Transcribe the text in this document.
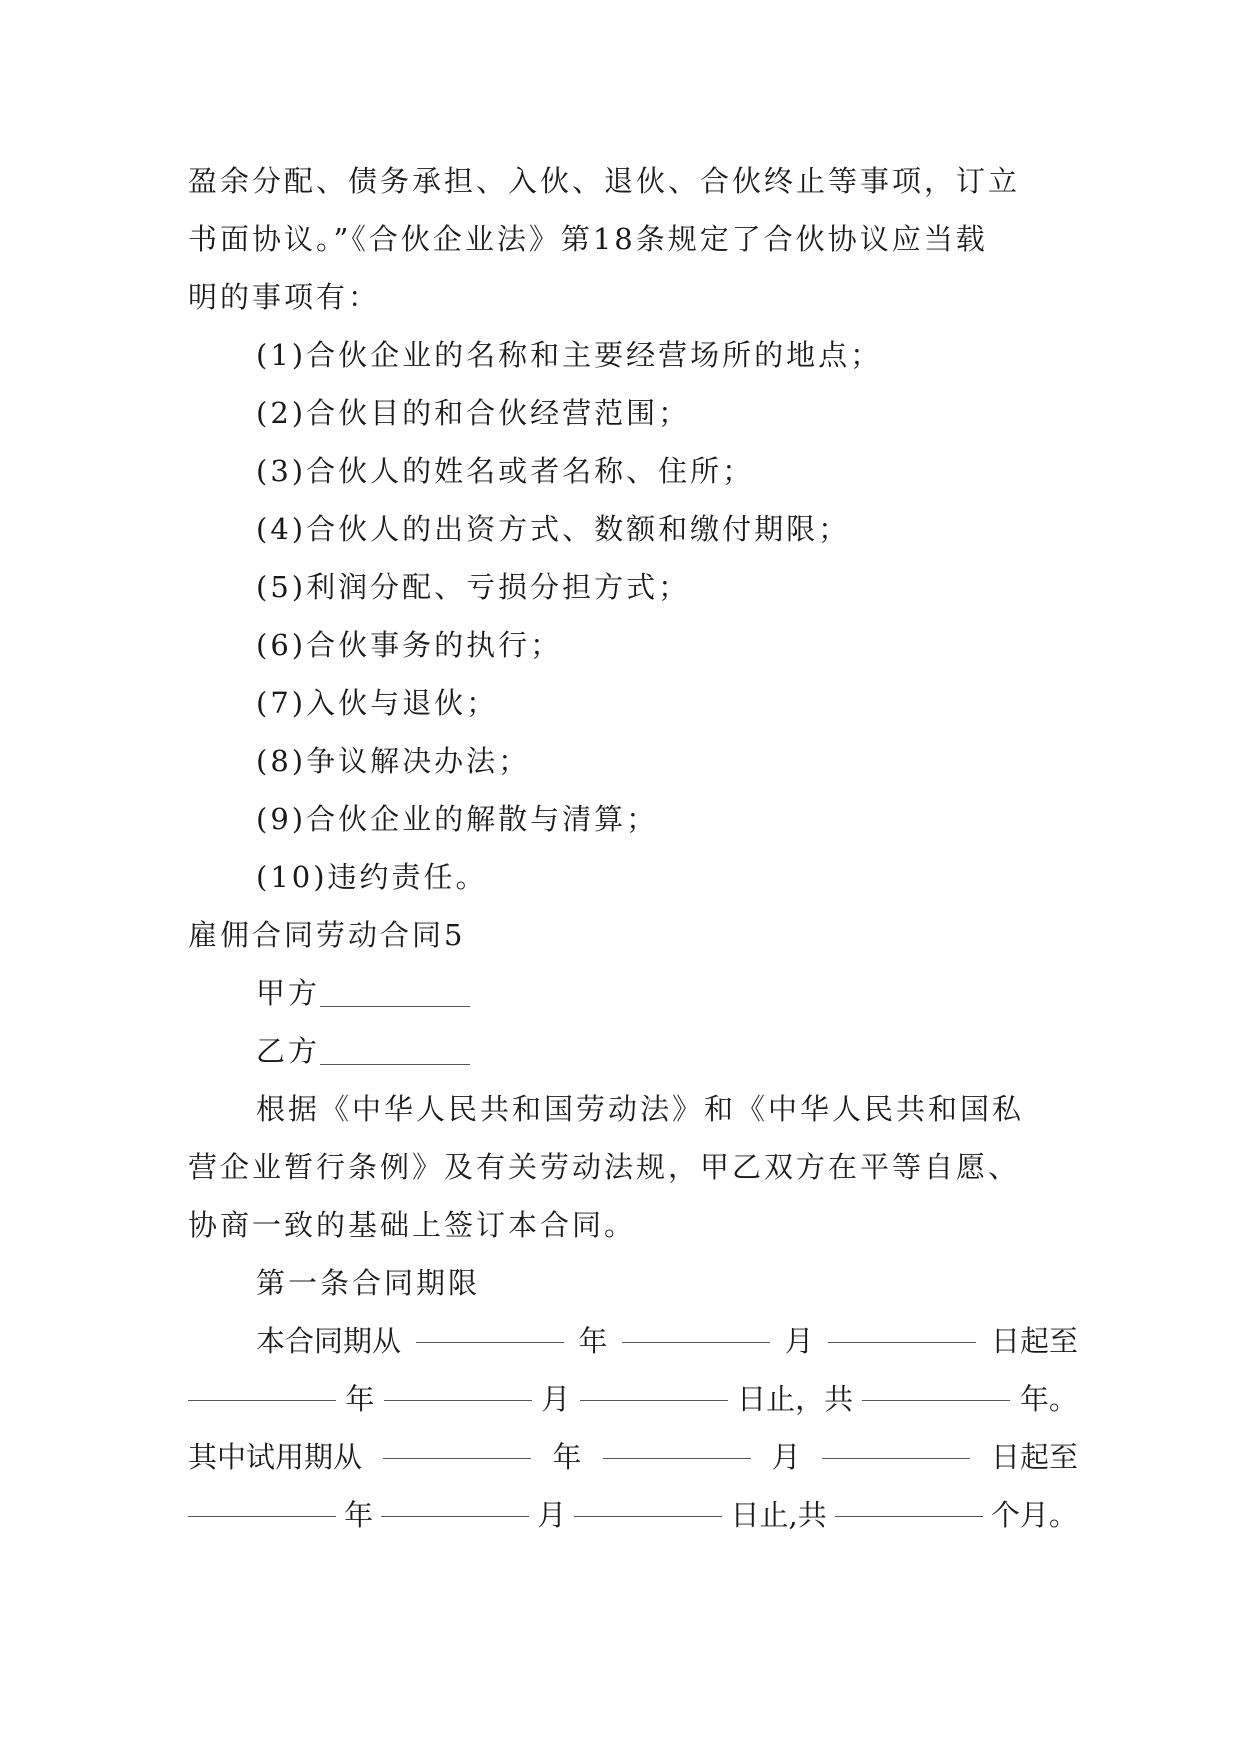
盈余分配、债务承担、入伙、退伙、合伙终止等事项，订立
书面协议。”《合伙企业法》第18条规定了合伙协议应当载
明的事项有：
(1)合伙企业的名称和主要经营场所的地点；
(2)合伙目的和合伙经营范围；
(3)合伙人的姓名或者名称、住所；
(4)合伙人的出资方式、数额和缴付期限；
(5)利润分配、亏损分担方式；
(6)合伙事务的执行；
(7)入伙与退伙；
(8)争议解决办法；
(9)合伙企业的解散与清算；
(10)违约责任。
雇佣合同劳动合同5
甲方
乙方
根据《中华人民共和国劳动法》和《中华人民共和国私
营企业暂行条例》及有关劳动法规，甲乙双方在平等自愿、
协商一致的基础上签订本合同。
第一条合同期限
本合同期从	年	月	日起至
年	月	日止，共	年。
其中试用期从	年	月	日起至
年	月	日止,共	个月。
